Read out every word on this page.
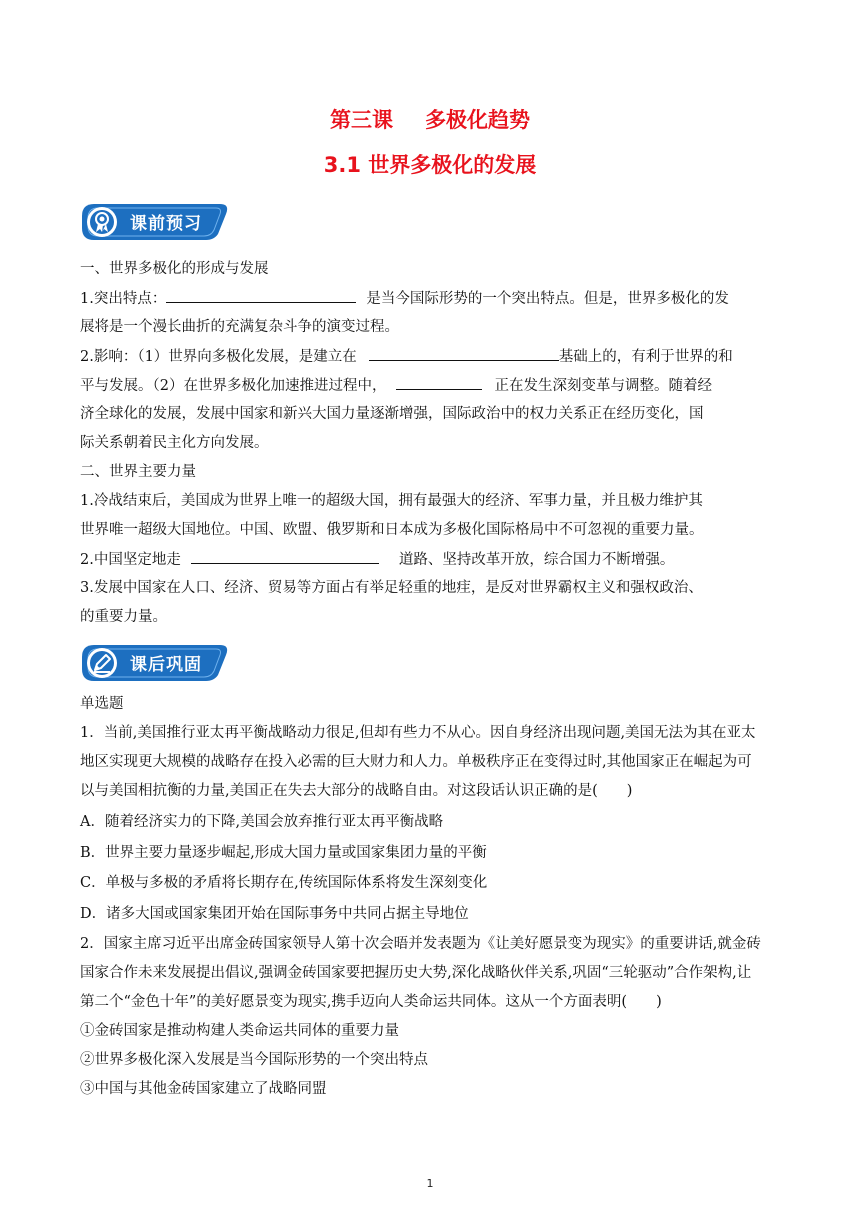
第三课 多极化趋势
3.1 世界多极化的发展
课前预习
一、世界多极化的形成与发展
1.突出特点：	是当今国际形势的一个突出特点。但是，世界多极化的发
展将是一个漫长曲折的充满复杂斗争的演变过程。
2.影响：（1）世界向多极化发展，是建立在	基础上的，有利于世界的和
平与发展。（2）在世界多极化加速推进过程中，	正在发生深刻变革与调整。随着经
济全球化的发展，发展中国家和新兴大国力量逐渐增强，国际政治中的权力关系正在经历变化，国
际关系朝着民主化方向发展。
二、世界主要力量
1.冷战结束后，美国成为世界上唯一的超级大国，拥有最强大的经济、军事力量，并且极力维护其
世界唯一超级大国地位。中国、欧盟、俄罗斯和日本成为多极化国际格局中不可忽视的重要力量。
2.中国坚定地走	道路、坚持改革开放，综合国力不断增强。
3.发展中国家在人口、经济、贸易等方面占有举足轻重的地疰，是反对世界霸权主义和强权政治、
的重要力量。
课后巩固
单选题
1．当前,美国推行亚太再平衡战略动力很足,但却有些力不从心。因自身经济出现问题,美国无法为其在亚太
地区实现更大规模的战略存在投入必需的巨大财力和人力。单极秩序正在变得过时,其他国家正在崛起为可
以与美国相抗衡的力量,美国正在失去大部分的战略自由。对这段话认识正确的是(　　)
A．随着经济实力的下降,美国会放弃推行亚太再平衡战略
B．世界主要力量逐步崛起,形成大国力量或国家集团力量的平衡
C．单极与多极的矛盾将长期存在,传统国际体系将发生深刻变化
D．诸多大国或国家集团开始在国际事务中共同占据主导地位
2．国家主席习近平出席金砖国家领导人第十次会晤并发表题为《让美好愿景变为现实》的重要讲话,就金砖
国家合作未来发展提出倡议,强调金砖国家要把握历史大势,深化战略伙伴关系,巩固“三轮驱动”合作架构,让
第二个“金色十年”的美好愿景变为现实,携手迈向人类命运共同体。这从一个方面表明(　　)
①金砖国家是推动构建人类命运共同体的重要力量
②世界多极化深入发展是当今国际形势的一个突出特点
③中国与其他金砖国家建立了战略同盟
1
